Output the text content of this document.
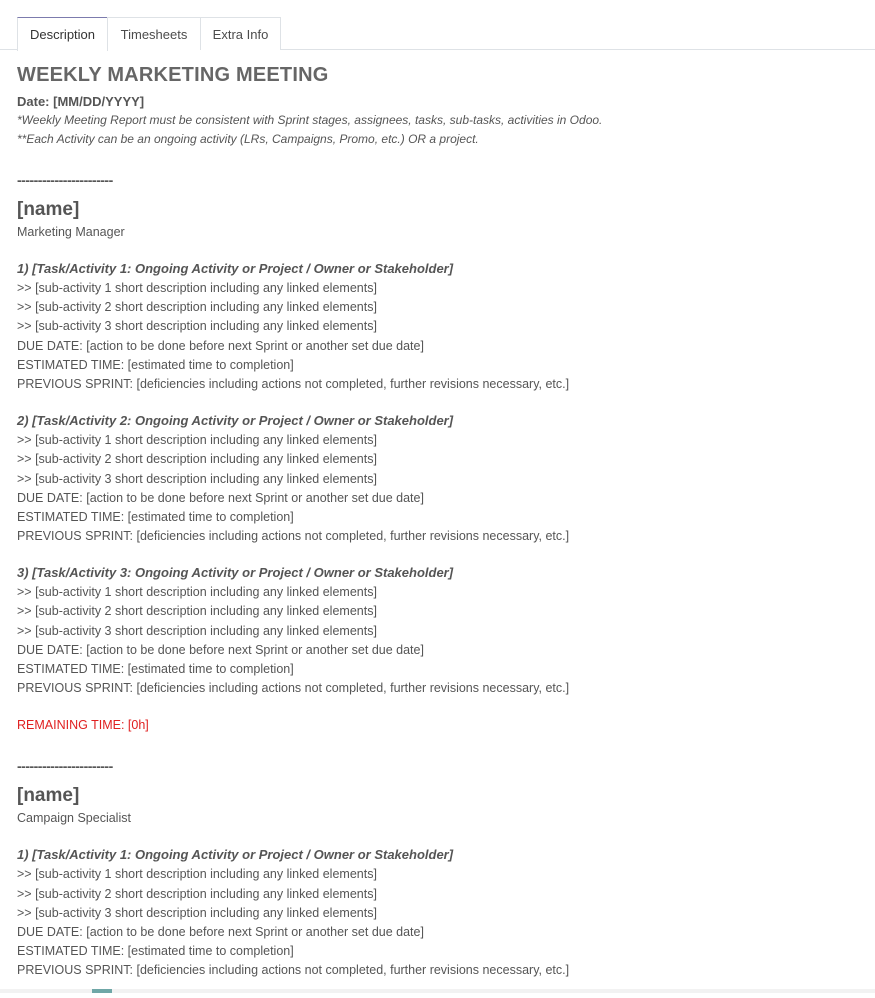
Description	Timesheets	Extra Info
WEEKLY MARKETING MEETING
Date: [MM/DD/YYYY]
*Weekly Meeting Report must be consistent with Sprint stages, assignees, tasks, sub-tasks, activities in Odoo.
**Each Activity can be an ongoing activity (LRs, Campaigns, Promo, etc.) OR a project.
-----------------------
[name]
Marketing Manager
1) [Task/Activity 1: Ongoing Activity or Project / Owner or Stakeholder]
>> [sub-activity 1 short description including any linked elements]
>> [sub-activity 2 short description including any linked elements]
>> [sub-activity 3 short description including any linked elements]
DUE DATE: [action to be done before next Sprint or another set due date]
ESTIMATED TIME: [estimated time to completion]
PREVIOUS SPRINT: [deficiencies including actions not completed, further revisions necessary, etc.]
2) [Task/Activity 2: Ongoing Activity or Project / Owner or Stakeholder]
>> [sub-activity 1 short description including any linked elements]
>> [sub-activity 2 short description including any linked elements]
>> [sub-activity 3 short description including any linked elements]
DUE DATE: [action to be done before next Sprint or another set due date]
ESTIMATED TIME: [estimated time to completion]
PREVIOUS SPRINT: [deficiencies including actions not completed, further revisions necessary, etc.]
3) [Task/Activity 3: Ongoing Activity or Project / Owner or Stakeholder]
>> [sub-activity 1 short description including any linked elements]
>> [sub-activity 2 short description including any linked elements]
>> [sub-activity 3 short description including any linked elements]
DUE DATE: [action to be done before next Sprint or another set due date]
ESTIMATED TIME: [estimated time to completion]
PREVIOUS SPRINT: [deficiencies including actions not completed, further revisions necessary, etc.]
REMAINING TIME: [0h]
-----------------------
[name]
Campaign Specialist
1) [Task/Activity 1: Ongoing Activity or Project / Owner or Stakeholder]
>> [sub-activity 1 short description including any linked elements]
>> [sub-activity 2 short description including any linked elements]
>> [sub-activity 3 short description including any linked elements]
DUE DATE: [action to be done before next Sprint or another set due date]
ESTIMATED TIME: [estimated time to completion]
PREVIOUS SPRINT: [deficiencies including actions not completed, further revisions necessary, etc.]
